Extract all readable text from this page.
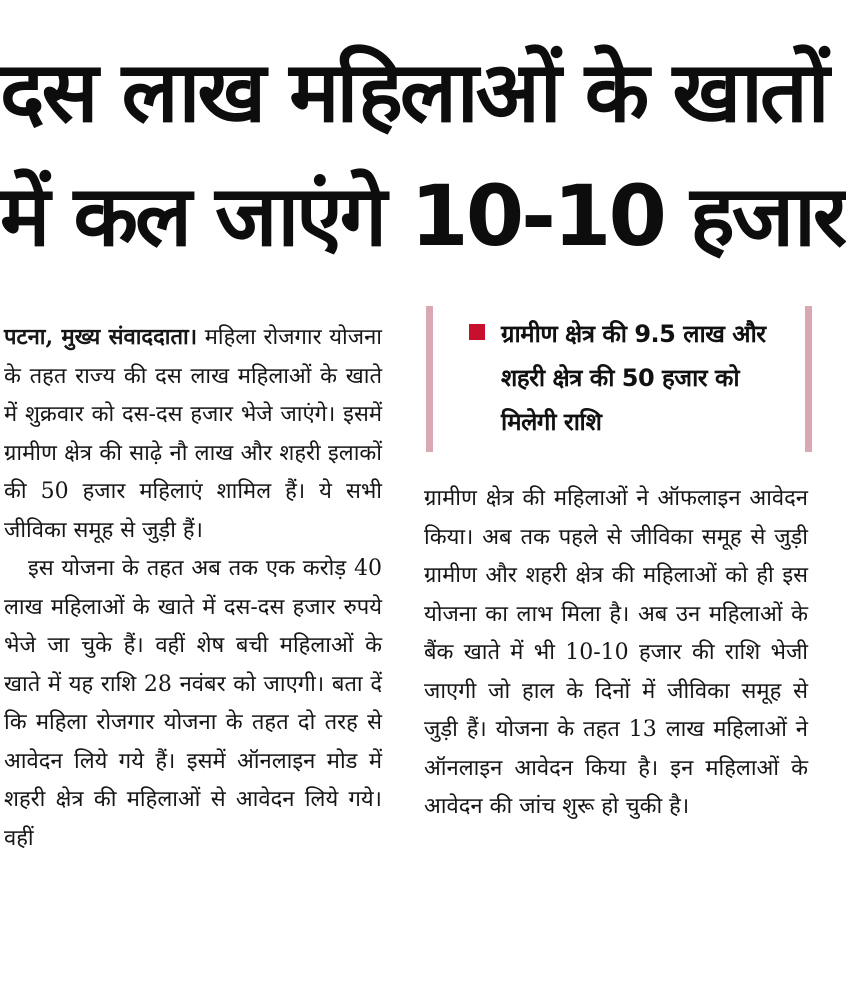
दस लाख महिलाओं के खातों
में कल जाएंगे 10-10 हजार

पटना, मुख्य संवाददाता। महिला रोजगार योजना के तहत राज्य की दस लाख महिलाओं के खाते में शुक्रवार को दस-दस हजार भेजे जाएंगे। इसमें ग्रामीण क्षेत्र की साढ़े नौ लाख और शहरी इलाकों की 50 हजार महिलाएं शामिल हैं। ये सभी जीविका समूह से जुड़ी हैं।

इस योजना के तहत अब तक एक करोड़ 40 लाख महिलाओं के खाते में दस-दस हजार रुपये भेजे जा चुके हैं। वहीं शेष बची महिलाओं के खाते में यह राशि 28 नवंबर को जाएगी। बता दें कि महिला रोजगार योजना के तहत दो तरह से आवेदन लिये गये हैं। इसमें ऑनलाइन मोड में शहरी क्षेत्र की महिलाओं से आवेदन लिये गये। वहीं

ग्रामीण क्षेत्र की 9.5 लाख और शहरी क्षेत्र की 50 हजार को मिलेगी राशि

ग्रामीण क्षेत्र की महिलाओं ने ऑफलाइन आवेदन किया। अब तक पहले से जीविका समूह से जुड़ी ग्रामीण और शहरी क्षेत्र की महिलाओं को ही इस योजना का लाभ मिला है। अब उन महिलाओं के बैंक खाते में भी 10-10 हजार की राशि भेजी जाएगी जो हाल के दिनों में जीविका समूह से जुड़ी हैं। योजना के तहत 13 लाख महिलाओं ने ऑनलाइन आवेदन किया है। इन महिलाओं के आवेदन की जांच शुरू हो चुकी है।
